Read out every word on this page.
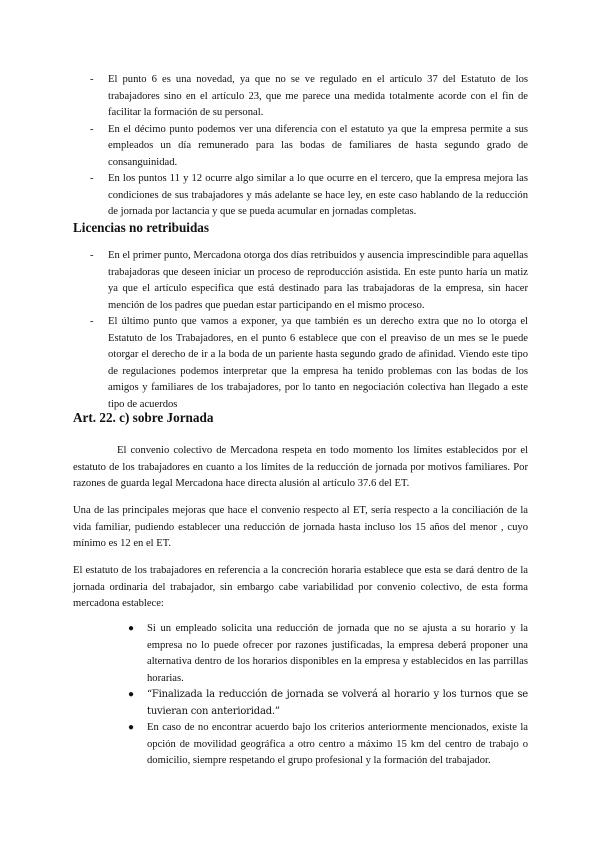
- El punto 6 es una novedad, ya que no se ve regulado en el artículo 37 del Estatuto de los trabajadores sino en el artículo 23, que me parece una medida totalmente acorde con el fin de facilitar la formación de su personal.
- En el décimo punto podemos ver una diferencia con el estatuto ya que la empresa permite a sus empleados un día remunerado para las bodas de familiares de hasta segundo grado de consanguinidad.
- En los puntos 11 y 12 ocurre algo similar a lo que ocurre en el tercero, que la empresa mejora las condiciones de sus trabajadores y más adelante se hace ley, en este caso hablando de la reducción de jornada por lactancia y que se pueda acumular en jornadas completas.
Licencias no retribuidas
- En el primer punto, Mercadona otorga dos días retribuidos y ausencia imprescindible para aquellas trabajadoras que deseen iniciar un proceso de reproducción asistida. En este punto haría un matiz ya que el artículo especifica que está destinado para las trabajadoras de la empresa, sin hacer mención de los padres que puedan estar participando en el mismo proceso.
- El último punto que vamos a exponer, ya que también es un derecho extra que no lo otorga el Estatuto de los Trabajadores, en el punto 6 establece que con el preaviso de un mes se le puede otorgar el derecho de ir a la boda de un pariente hasta segundo grado de afinidad. Viendo este tipo de regulaciones podemos interpretar que la empresa ha tenido problemas con las bodas de los amigos y familiares de los trabajadores, por lo tanto en negociación colectiva han llegado a este tipo de acuerdos
Art. 22. c) sobre Jornada

El convenio colectivo de Mercadona respeta en todo momento los límites establecidos por el estatuto de los trabajadores en cuanto a los límites de la reducción de jornada por motivos familiares. Por razones de guarda legal Mercadona hace directa alusión al artículo 37.6 del ET.

Una de las principales mejoras que hace el convenio respecto al ET, sería respecto a la conciliación de la vida familiar, pudiendo establecer una reducción de jornada hasta incluso los 15 años del menor , cuyo mínimo es 12 en el ET.

El estatuto de los trabajadores en referencia a la concreción horaria establece que esta se dará dentro de la jornada ordinaria del trabajador, sin embargo cabe variabilidad por convenio colectivo, de esta forma mercadona establece:

● Si un empleado solicita una reducción de jornada que no se ajusta a su horario y la empresa no lo puede ofrecer por razones justificadas, la empresa deberá proponer una alternativa dentro de los horarios disponibles en la empresa y establecidos en las parrillas horarias.
● “Finalizada la reducción de jornada se volverá al horario y los turnos que se tuvieran con anterioridad.”
● En caso de no encontrar acuerdo bajo los criterios anteriormente mencionados, existe la opción de movilidad geográfica a otro centro a máximo 15 km del centro de trabajo o domicilio, siempre respetando el grupo profesional y la formación del trabajador.
